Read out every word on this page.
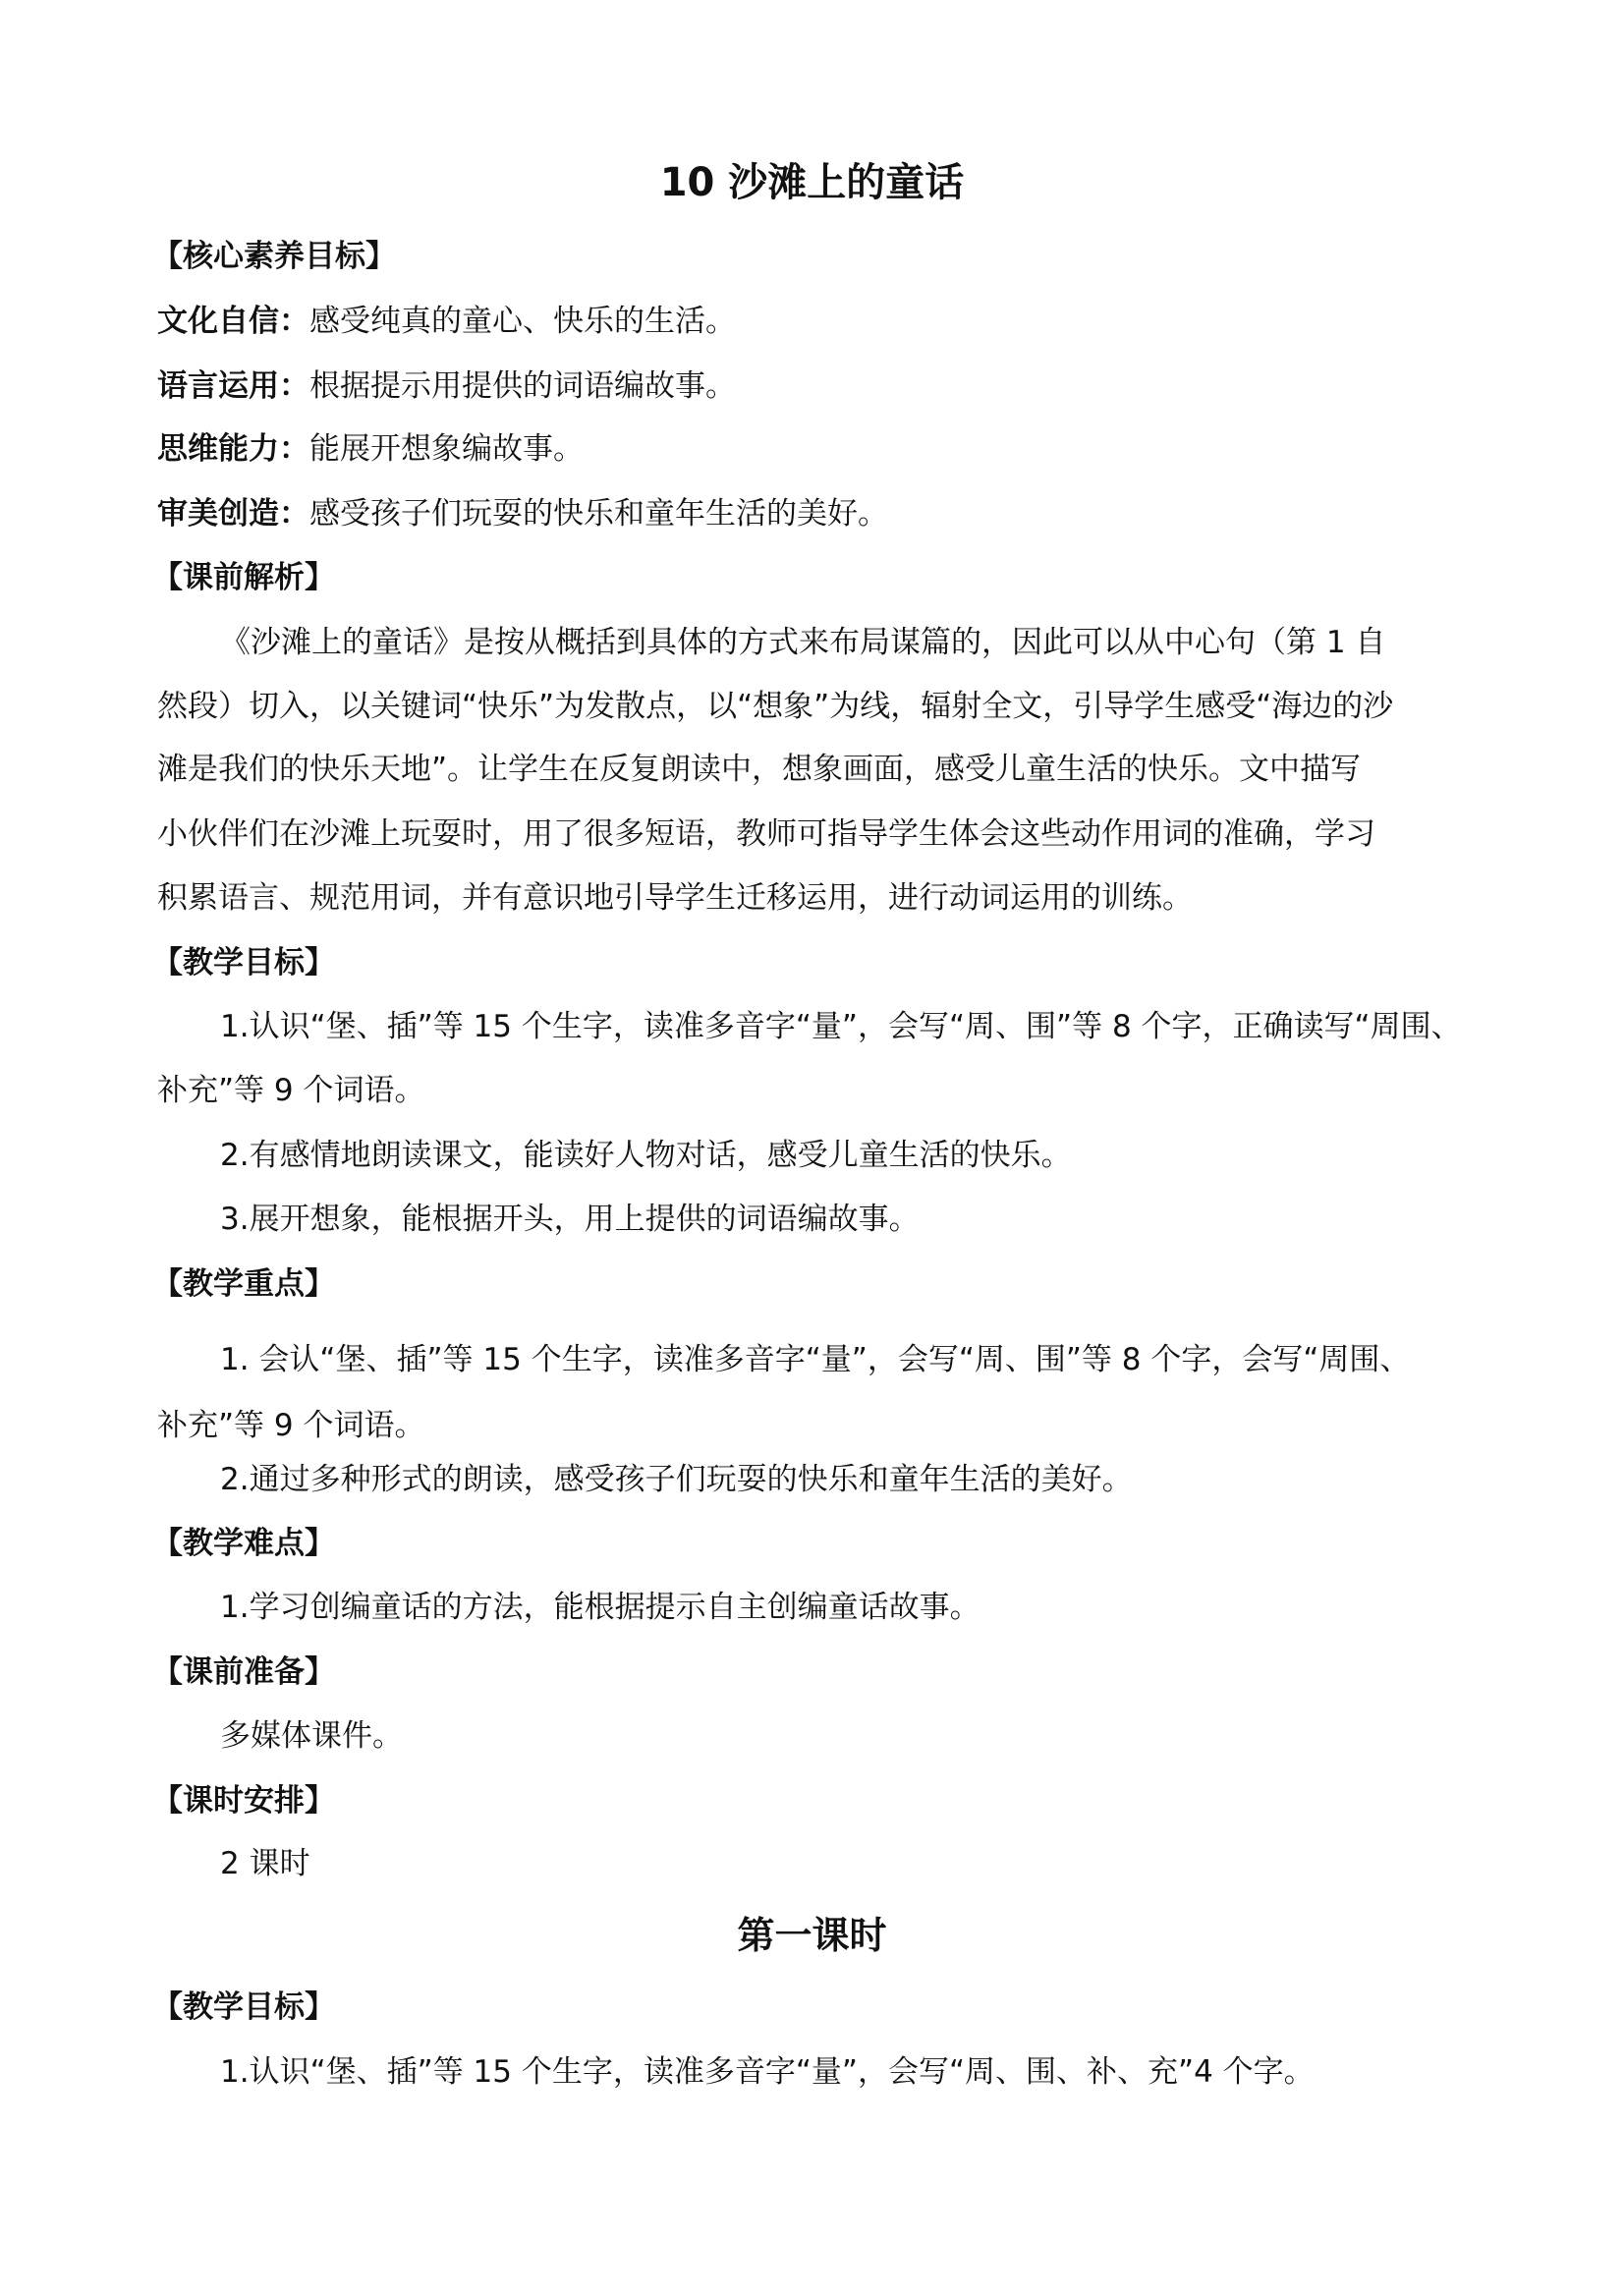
10 沙滩上的童话

【核心素养目标】

文化自信：感受纯真的童心、快乐的生活。

语言运用：根据提示用提供的词语编故事。

思维能力：能展开想象编故事。

审美创造：感受孩子们玩耍的快乐和童年生活的美好。

【课前解析】

《沙滩上的童话》是按从概括到具体的方式来布局谋篇的，因此可以从中心句（第 1 自

然段）切入，以关键词“快乐”为发散点，以“想象”为线，辐射全文，引导学生感受“海边的沙

滩是我们的快乐天地”。让学生在反复朗读中，想象画面，感受儿童生活的快乐。文中描写

小伙伴们在沙滩上玩耍时，用了很多短语，教师可指导学生体会这些动作用词的准确，学习

积累语言、规范用词，并有意识地引导学生迁移运用，进行动词运用的训练。

【教学目标】

1.认识“堡、插”等 15 个生字，读准多音字“量”，会写“周、围”等 8 个字，正确读写“周围、

补充”等 9 个词语。

2.有感情地朗读课文，能读好人物对话，感受儿童生活的快乐。

3.展开想象，能根据开头，用上提供的词语编故事。

【教学重点】

1. 会认“堡、插”等 15 个生字，读准多音字“量”，会写“周、围”等 8 个字，会写“周围、

补充”等 9 个词语。

2.通过多种形式的朗读，感受孩子们玩耍的快乐和童年生活的美好。

【教学难点】

1.学习创编童话的方法，能根据提示自主创编童话故事。

【课前准备】

多媒体课件。

【课时安排】

2 课时

第一课时

【教学目标】

1.认识“堡、插”等 15 个生字，读准多音字“量”，会写“周、围、补、充”4 个字。
